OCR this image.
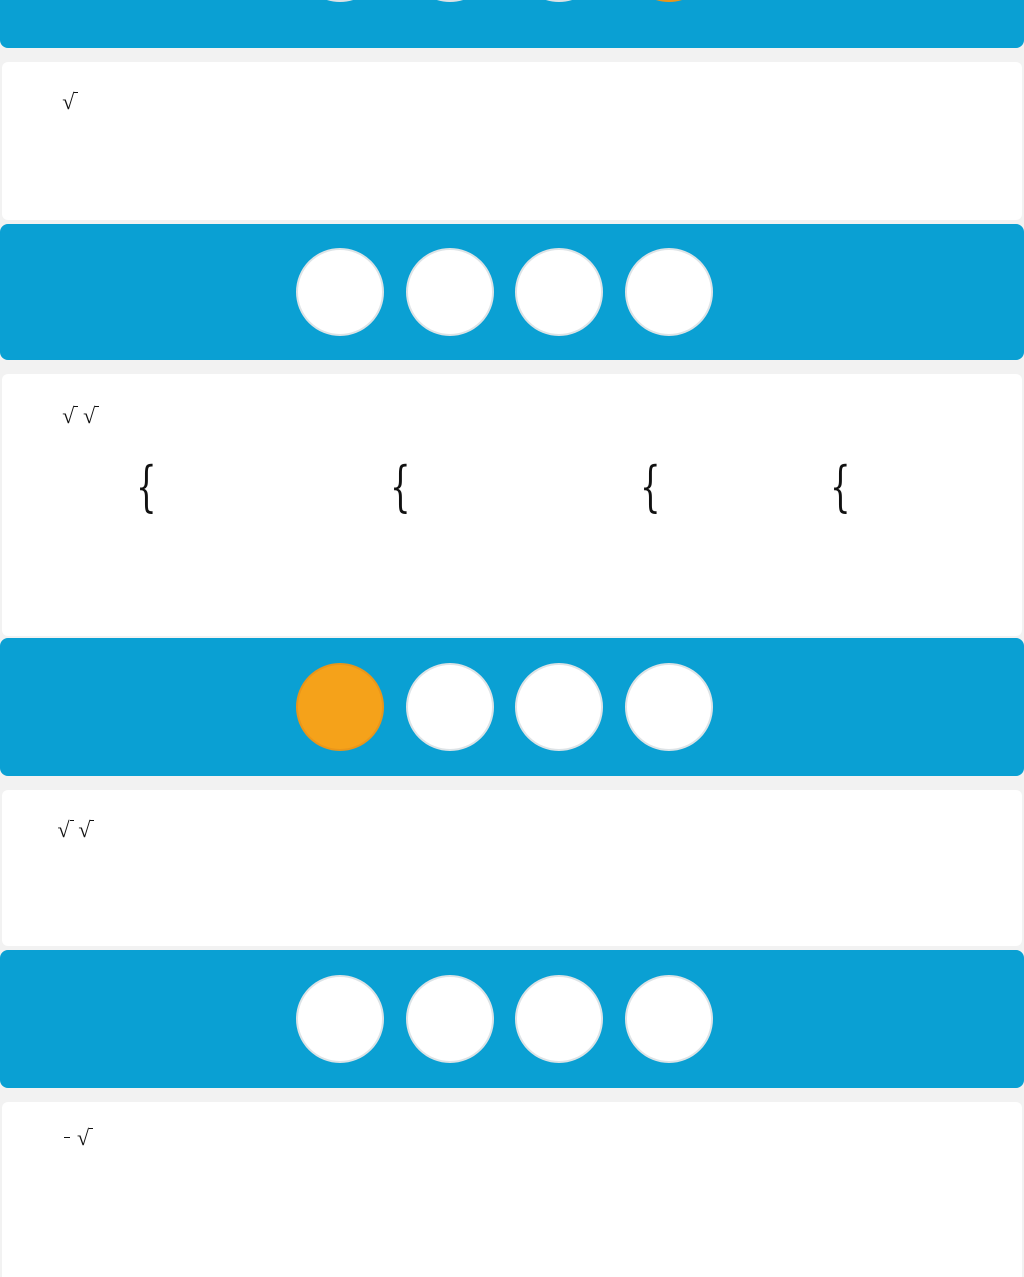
√

√
√
{	{	{	{

√
√

√
